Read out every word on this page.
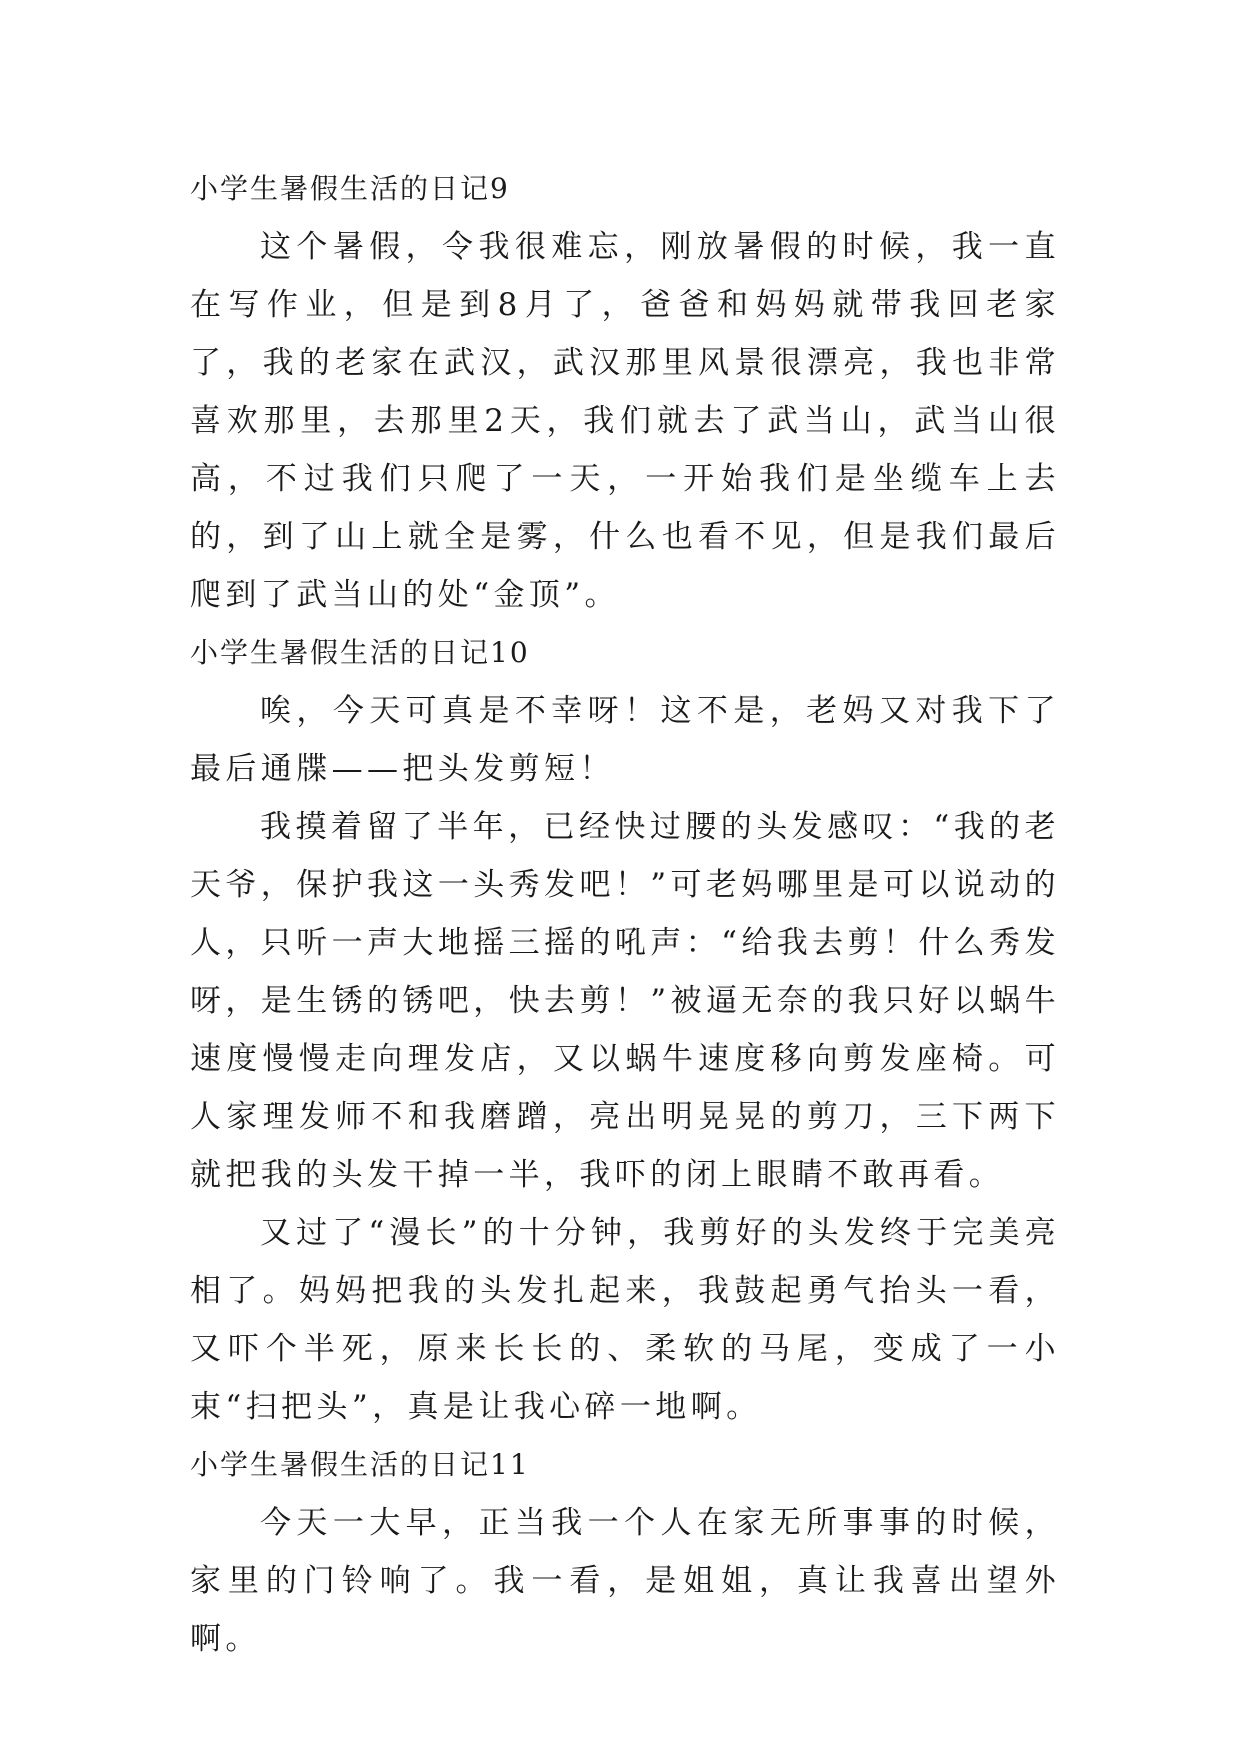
小学生暑假生活的日记9

这个暑假，令我很难忘，刚放暑假的时候，我一直在写作业，但是到8月了，爸爸和妈妈就带我回老家了，我的老家在武汉，武汉那里风景很漂亮，我也非常喜欢那里，去那里2天，我们就去了武当山，武当山很高，不过我们只爬了一天，一开始我们是坐缆车上去的，到了山上就全是雾，什么也看不见，但是我们最后爬到了武当山的处“金顶”。

小学生暑假生活的日记10

唉，今天可真是不幸呀！这不是，老妈又对我下了最后通牒——把头发剪短！

我摸着留了半年，已经快过腰的头发感叹：“我的老天爷，保护我这一头秀发吧！”可老妈哪里是可以说动的人，只听一声大地摇三摇的吼声：“给我去剪！什么秀发呀，是生锈的锈吧，快去剪！”被逼无奈的我只好以蜗牛速度慢慢走向理发店，又以蜗牛速度移向剪发座椅。可人家理发师不和我磨蹭，亮出明晃晃的剪刀，三下两下就把我的头发干掉一半，我吓的闭上眼睛不敢再看。

又过了“漫长”的十分钟，我剪好的头发终于完美亮相了。妈妈把我的头发扎起来，我鼓起勇气抬头一看，又吓个半死，原来长长的、柔软的马尾，变成了一小束“扫把头”，真是让我心碎一地啊。

小学生暑假生活的日记11

今天一大早，正当我一个人在家无所事事的时候，家里的门铃响了。我一看，是姐姐，真让我喜出望外啊。
